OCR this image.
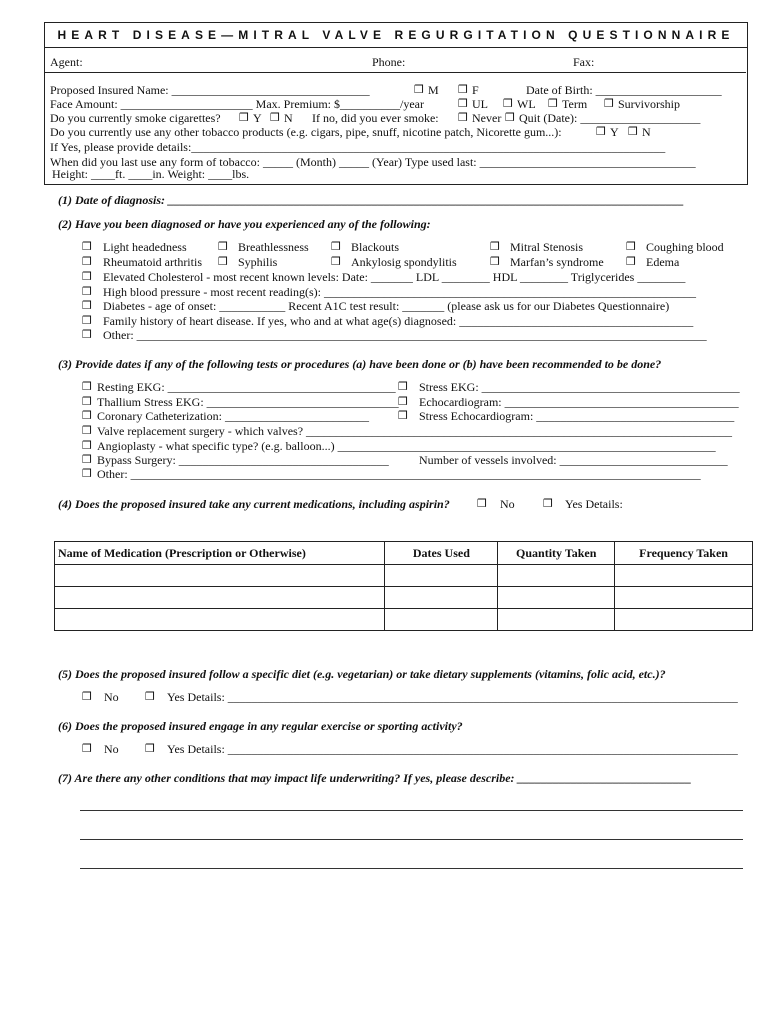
HEART DISEASE—MITRAL VALVE REGURGITATION QUESTIONNAIRE
Agent:	Phone:	Fax:
Proposed Insured Name: _________________________________	❒ M ❒ F	Date of Birth: _____________________
Face Amount: ______________________ Max. Premium: $__________/year	❒ UL ❒ WL ❒ Term ❒ Survivorship
Do you currently smoke cigarettes? ❒ Y ❒ N If no, did you ever smoke: ❒ Never ❒ Quit (Date): ____________________
Do you currently use any other tobacco products (e.g. cigars, pipe, snuff, nicotine patch, Nicorette gum...):	❒ Y ❒ N
If Yes, please provide details:_______________________________________________________________________________
When did you last use any form of tobacco: _____ (Month) _____ (Year) Type used last: ____________________________________
Height: ____ft. ____in. Weight: ____lbs.
(1) Date of diagnosis: ______________________________________________________________________________________
(2) Have you been diagnosed or have you experienced any of the following:
❒ Light headedness	❒ Breathlessness ❒ Blackouts	❒ Mitral Stenosis	❒ Coughing blood
❒ Rheumatoid arthritis ❒ Syphilis	❒ Ankylosig spondylitis	❒ Marfan’s syndrome ❒ Edema
❒ Elevated Cholesterol - most recent known levels: Date: _______ LDL ________ HDL ________ Triglycerides ________
❒ High blood pressure - most recent reading(s): ______________________________________________________________
❒ Diabetes - age of onset: ___________ Recent A1C test result: _______ (please ask us for our Diabetes Questionnaire)
❒ Family history of heart disease. If yes, who and at what age(s) diagnosed: _______________________________________
❒ Other: _______________________________________________________________________________________________
(3) Provide dates if any of the following tests or procedures (a) have been done or (b) have been recommended to be done?
❒ Resting EKG: ______________________________________ ❒ Stress EKG: ___________________________________________
❒ Thallium Stress EKG: ________________________________ ❒ Echocardiogram: _______________________________________
❒ Coronary Catheterization: ________________________	❒ Stress Echocardiogram: _________________________________
❒ Valve replacement surgery - which valves? _______________________________________________________________________
❒ Angioplasty - what specific type? (e.g. balloon...) _______________________________________________________________
❒ Bypass Surgery: ___________________________________	Number of vessels involved: ____________________________
❒ Other: _______________________________________________________________________________________________
(4) Does the proposed insured take any current medications, including aspirin? ❒ No	❒ Yes Details:
Name of Medication (Prescription or Otherwise)	Dates Used	Quantity Taken	Frequency Taken

(5) Does the proposed insured follow a specific diet (e.g. vegetarian) or take dietary supplements (vitamins, folic acid, etc.)?
❒ No ❒ Yes Details: _____________________________________________________________________________________
(6) Does the proposed insured engage in any regular exercise or sporting activity?
❒ No ❒ Yes Details: _____________________________________________________________________________________
(7) Are there any other conditions that may impact life underwriting? If yes, please describe: _____________________________
